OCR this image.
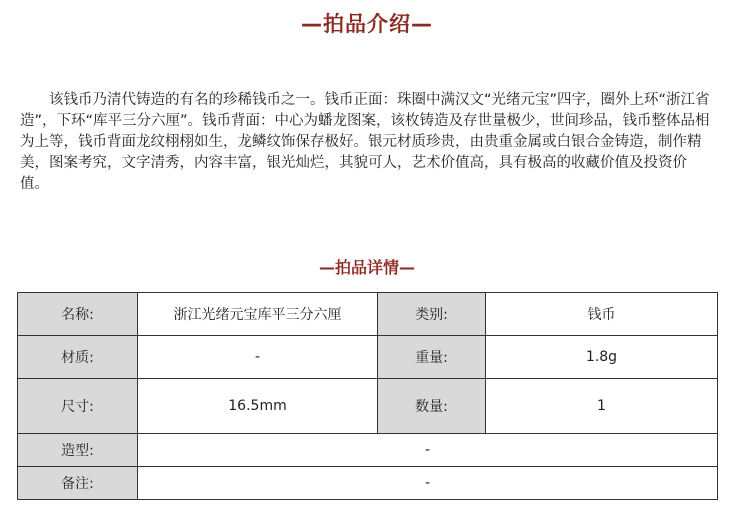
—拍品介绍—
该钱币乃清代铸造的有名的珍稀钱币之一。钱币正面：珠圈中满汉文“光绪元宝”四字，圈外上环“浙江省造”，下环“库平三分六厘”。钱币背面：中心为蟠龙图案，该枚铸造及存世量极少，世间珍品，钱币整体品相为上等，钱币背面龙纹栩栩如生，龙鳞纹饰保存极好。银元材质珍贵，由贵重金属或白银合金铸造，制作精美，图案考究，文字清秀，内容丰富，银光灿烂，其貌可人，艺术价值高，具有极高的收藏价值及投资价值。
—拍品详情—
名称:	浙江光绪元宝库平三分六厘	类别:	钱币
材质:	-	重量:	1.8g
尺寸:	16.5mm	数量:	1
造型:	-		
备注:	-		
